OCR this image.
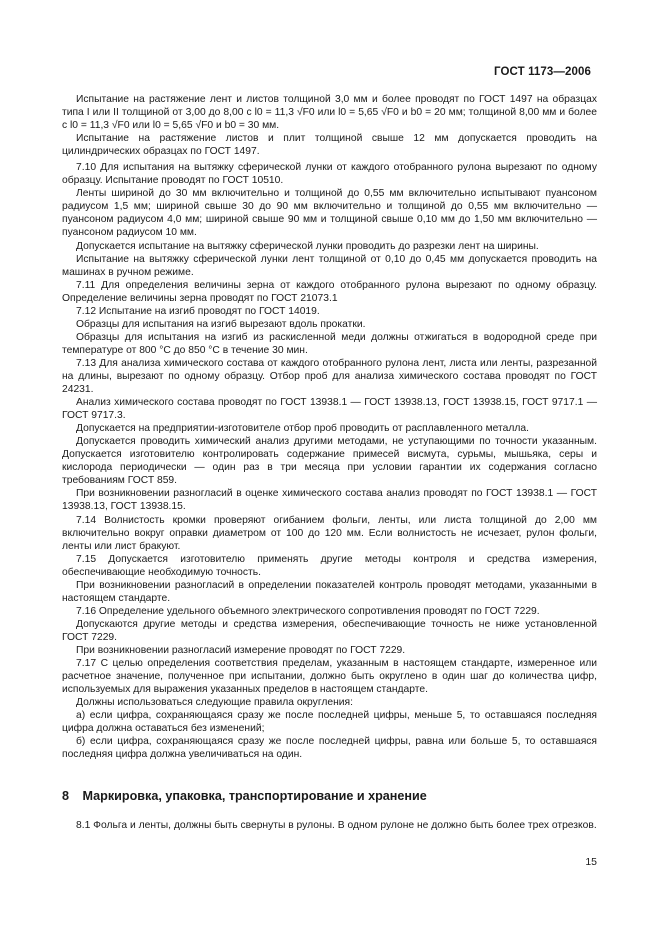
ГОСТ 1173—2006

Испытание на растяжение лент и листов толщиной 3,0 мм и более проводят по ГОСТ 1497 на образцах типа I или II толщиной от 3,00 до 8,00 с l0 = 11,3 √F0 или l0 = 5,65 √F0 и b0 = 20 мм; толщиной 8,00 мм и более с l0 = 11,3 √F0 или l0 = 5,65 √F0 и b0 = 30 мм.

Испытание на растяжение листов и плит толщиной свыше 12 мм допускается проводить на цилиндрических образцах по ГОСТ 1497.

7.10 Для испытания на вытяжку сферической лунки от каждого отобранного рулона вырезают по одному образцу. Испытание проводят по ГОСТ 10510.

Ленты шириной до 30 мм включительно и толщиной до 0,55 мм включительно испытывают пуансоном радиусом 1,5 мм; шириной свыше 30 до 90 мм включительно и толщиной до 0,55 мм включительно — пуансоном радиусом 4,0 мм; шириной свыше 90 мм и толщиной свыше 0,10 мм до 1,50 мм включительно — пуансоном радиусом 10 мм.

Допускается испытание на вытяжку сферической лунки проводить до разрезки лент на ширины.

Испытание на вытяжку сферической лунки лент толщиной от 0,10 до 0,45 мм допускается проводить на машинах в ручном режиме.

7.11 Для определения величины зерна от каждого отобранного рулона вырезают по одному образцу. Определение величины зерна проводят по ГОСТ 21073.1

7.12 Испытание на изгиб проводят по ГОСТ 14019.

Образцы для испытания на изгиб вырезают вдоль прокатки.

Образцы для испытания на изгиб из раскисленной меди должны отжигаться в водородной среде при температуре от 800 °С до 850 °С в течение 30 мин.

7.13 Для анализа химического состава от каждого отобранного рулона лент, листа или ленты, разрезанной на длины, вырезают по одному образцу. Отбор проб для анализа химического состава проводят по ГОСТ 24231.

Анализ химического состава проводят по ГОСТ 13938.1 — ГОСТ 13938.13, ГОСТ 13938.15, ГОСТ 9717.1 — ГОСТ 9717.3.

Допускается на предприятии-изготовителе отбор проб проводить от расплавленного металла.

Допускается проводить химический анализ другими методами, не уступающими по точности указанным. Допускается изготовителю контролировать содержание примесей висмута, сурьмы, мышьяка, серы и кислорода периодически — один раз в три месяца при условии гарантии их содержания согласно требованиям ГОСТ 859.

При возникновении разногласий в оценке химического состава анализ проводят по ГОСТ 13938.1 — ГОСТ 13938.13, ГОСТ 13938.15.

7.14 Волнистость кромки проверяют огибанием фольги, ленты, или листа толщиной до 2,00 мм включительно вокруг оправки диаметром от 100 до 120 мм. Если волнистость не исчезает, рулон фольги, ленты или лист бракуют.

7.15 Допускается изготовителю применять другие методы контроля и средства измерения, обеспечивающие необходимую точность.

При возникновении разногласий в определении показателей контроль проводят методами, указанными в настоящем стандарте.

7.16 Определение удельного объемного электрического сопротивления проводят по ГОСТ 7229.

Допускаются другие методы и средства измерения, обеспечивающие точность не ниже установленной ГОСТ 7229.

При возникновении разногласий измерение проводят по ГОСТ 7229.

7.17 С целью определения соответствия пределам, указанным в настоящем стандарте, измеренное или расчетное значение, полученное при испытании, должно быть округлено в один шаг до количества цифр, используемых для выражения указанных пределов в настоящем стандарте.

Должны использоваться следующие правила округления:

а) если цифра, сохраняющаяся сразу же после последней цифры, меньше 5, то оставшаяся последняя цифра должна оставаться без изменений;

б) если цифра, сохраняющаяся сразу же после последней цифры, равна или больше 5, то оставшаяся последняя цифра должна увеличиваться на один.

8 Маркировка, упаковка, транспортирование и хранение

8.1 Фольга и ленты, должны быть свернуты в рулоны. В одном рулоне не должно быть более трех отрезков.

15
